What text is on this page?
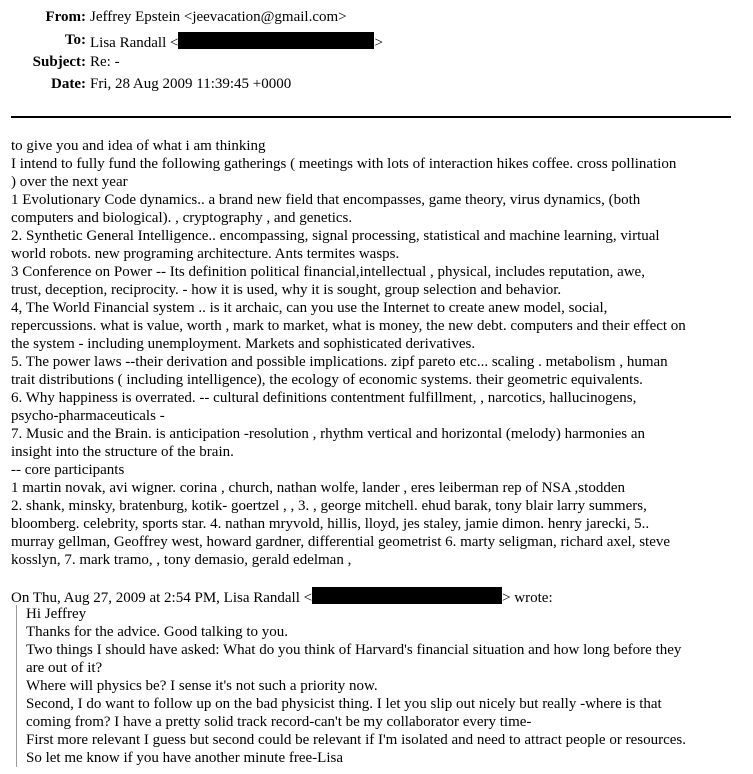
From: Jeffrey Epstein <jeevacation@gmail.com>
To: Lisa Randall <	>
Subject: Re: -
Date: Fri, 28 Aug 2009 11:39:45 +0000
to give you and idea of what i am thinking
I intend to fully fund the following gatherings ( meetings with lots of interaction hikes coffee. cross pollination
) over the next year
1 Evolutionary Code dynamics.. a brand new field that encompasses, game theory, virus dynamics, (both
computers and biological). , cryptography , and genetics.
2. Synthetic General Intelligence.. encompassing, signal processing, statistical and machine learning, virtual
world robots. new programing architecture. Ants termites wasps.
3 Conference on Power -- Its definition political financial,intellectual , physical, includes reputation, awe,
trust, deception, reciprocity. - how it is used, why it is sought, group selection and behavior.
4, The World Financial system .. is it archaic, can you use the Internet to create anew model, social,
repercussions. what is value, worth , mark to market, what is money, the new debt. computers and their effect on
the system - including unemployment. Markets and sophisticated derivatives.
5. The power laws --their derivation and possible implications. zipf pareto etc... scaling . metabolism , human
trait distributions ( including intelligence), the ecology of economic systems. their geometric equivalents.
6. Why happiness is overrated. -- cultural definitions contentment fulfillment, , narcotics, hallucinogens,
psycho-pharmaceuticals -
7. Music and the Brain. is anticipation -resolution , rhythm vertical and horizontal (melody) harmonies an
insight into the structure of the brain.
-- core participants
1 martin novak, avi wigner. corina , church, nathan wolfe, lander , eres leiberman rep of NSA ,stodden
2. shank, minsky, bratenburg, kotik- goertzel , , 3. , george mitchell. ehud barak, tony blair larry summers,
bloomberg. celebrity, sports star. 4. nathan mryvold, hillis, lloyd, jes staley, jamie dimon. henry jarecki, 5..
murray gellman, Geoffrey west, howard gardner, differential geometrist 6. marty seligman, richard axel, steve
kosslyn, 7. mark tramo, , tony demasio, gerald edelman ,
On Thu, Aug 27, 2009 at 2:54 PM, Lisa Randall <	> wrote:
Hi Jeffrey
Thanks for the advice. Good talking to you.
Two things I should have asked: What do you think of Harvard's financial situation and how long before they
are out of it?
Where will physics be? I sense it's not such a priority now.
Second, I do want to follow up on the bad physicist thing. I let you slip out nicely but really -where is that
coming from? I have a pretty solid track record-can't be my collaborator every time-
First more relevant I guess but second could be relevant if I'm isolated and need to attract people or resources.
So let me know if you have another minute free-Lisa
